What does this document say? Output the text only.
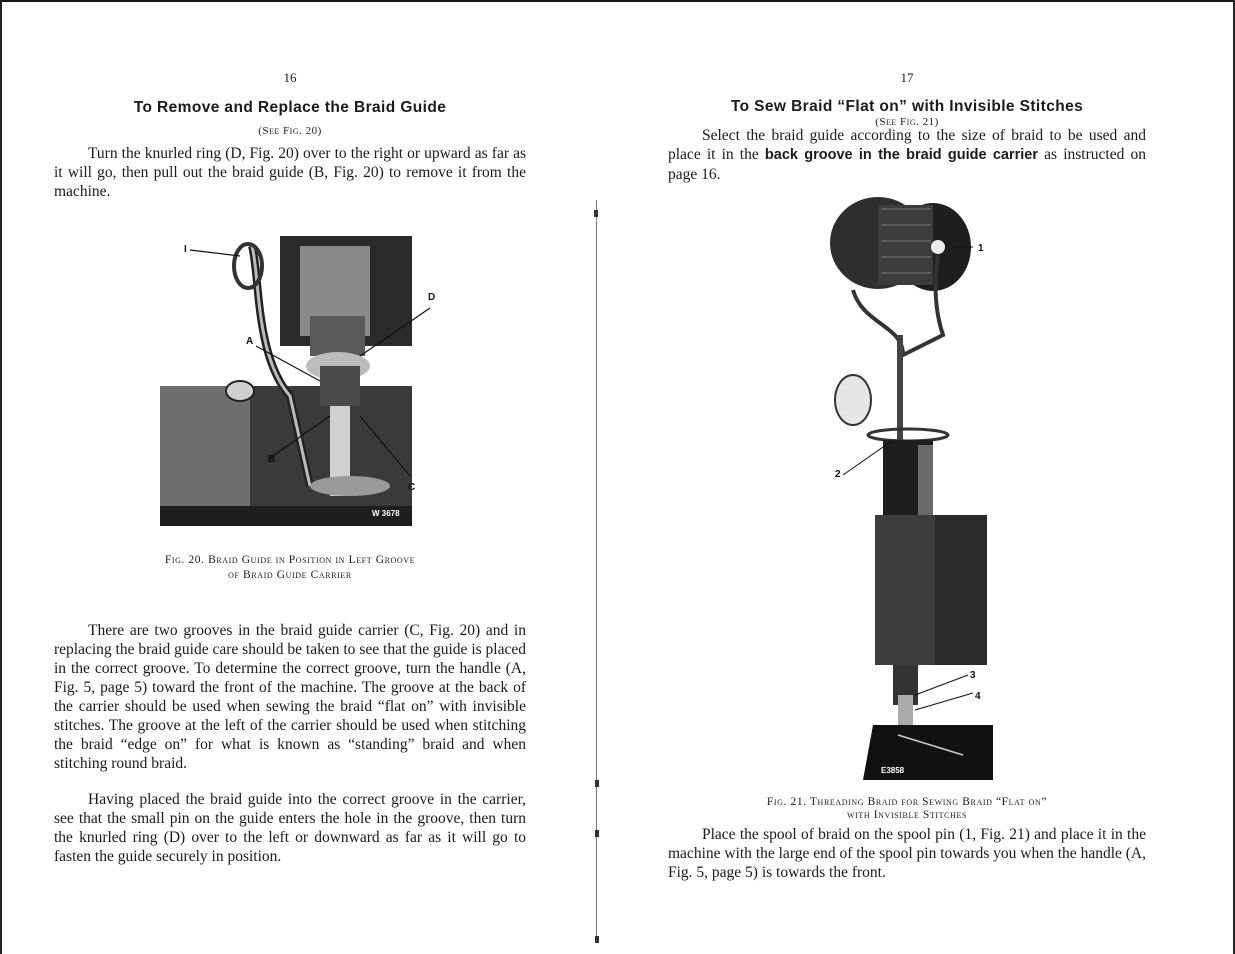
16
To Remove and Replace the Braid Guide
(See Fig. 20)

Turn the knurled ring (D, Fig. 20) over to the right or upward as far as it will go, then pull out the braid guide (B, Fig. 20) to remove it from the machine.

I
A
B
C
W 3678
D
Fig. 20. Braid Guide in Position in Left Groove
of Braid Guide Carrier

There are two grooves in the braid guide carrier (C, Fig. 20) and in replacing the braid guide care should be taken to see that the guide is placed in the correct groove. To determine the correct groove, turn the handle (A, Fig. 5, page 5) toward the front of the machine. The groove at the back of the carrier should be used when sewing the braid “flat on” with invisible stitches. The groove at the left of the carrier should be used when stitching the braid “edge on” for what is known as “standing” braid and when stitching round braid.

Having placed the braid guide into the correct groove in the carrier, see that the small pin on the guide enters the hole in the groove, then turn the knurled ring (D) over to the left or downward as far as it will go to fasten the guide securely in position.

17
To Sew Braid “Flat on” with Invisible Stitches
(See Fig. 21)

Select the braid guide according to the size of braid to be used and place it in the back groove in the braid guide carrier as instructed on page 16.

1
2
3
4
E3858
Fig. 21. Threading Braid for Sewing Braid “Flat on”
with Invisible Stitches

Place the spool of braid on the spool pin (1, Fig. 21) and place it in the machine with the large end of the spool pin towards you when the handle (A, Fig. 5, page 5) is towards the front.
